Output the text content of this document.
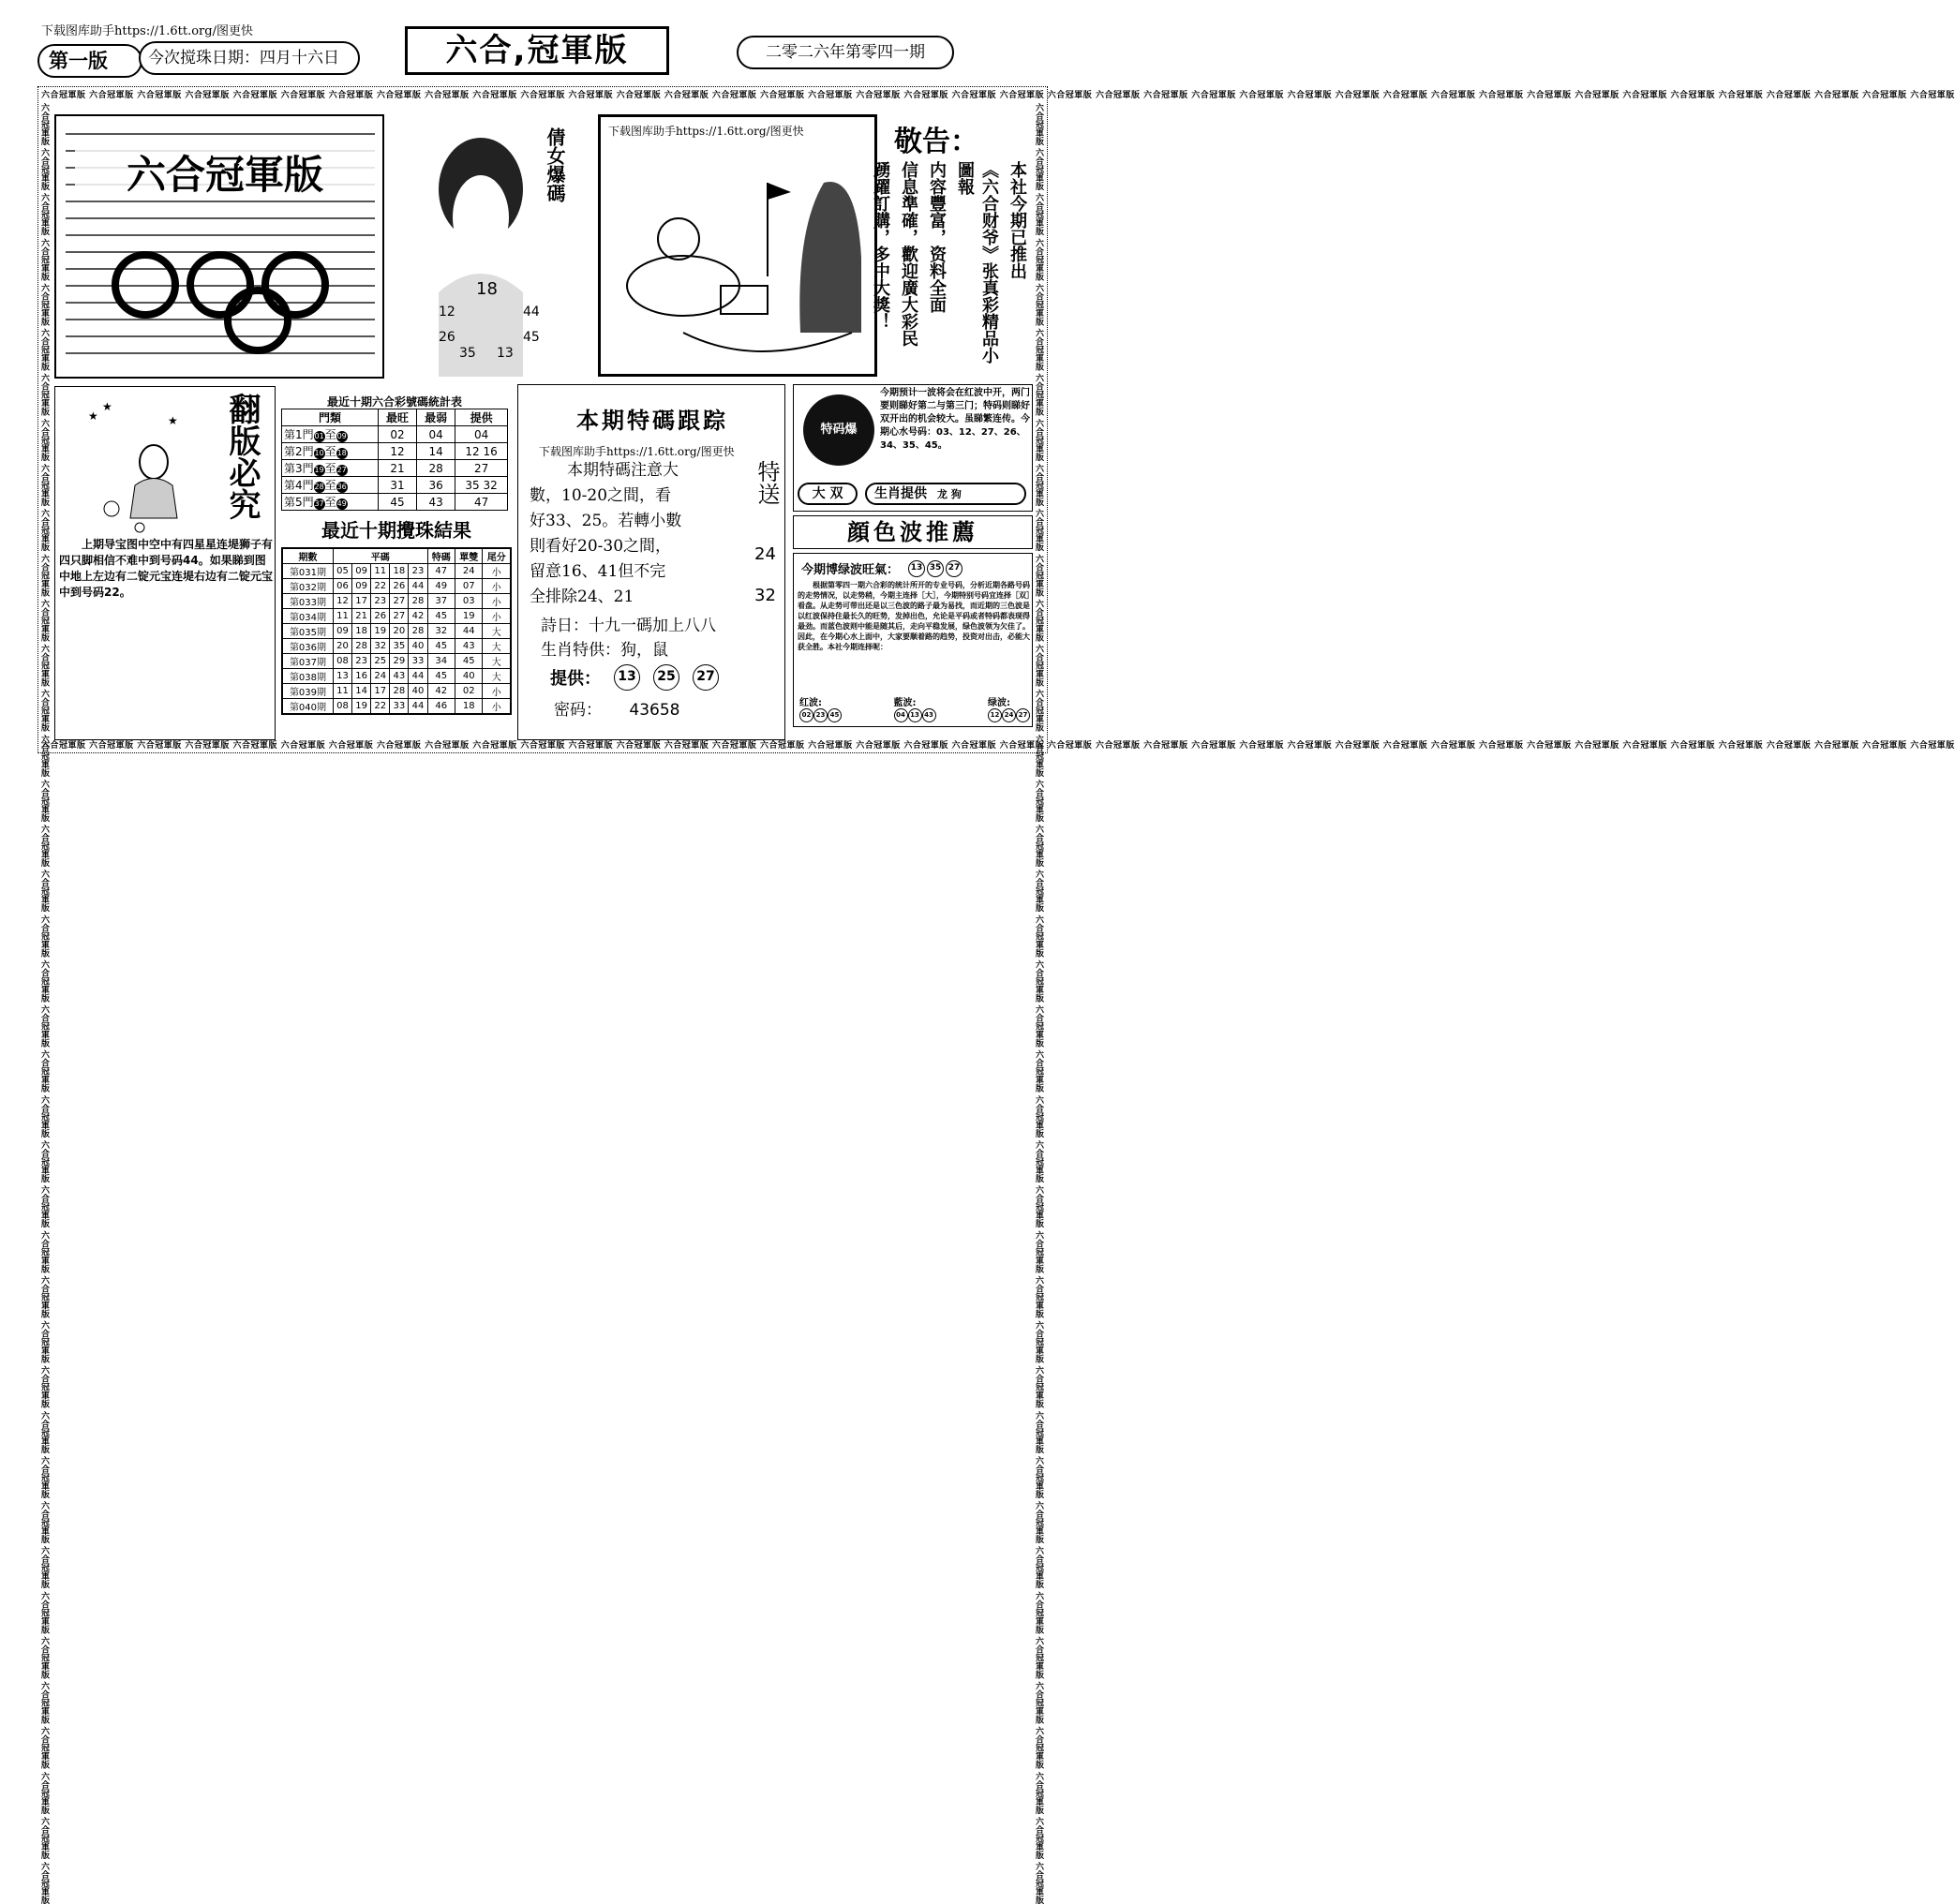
下载图库助手https://1.6tt.org/图更快
第一版	今次搅珠日期：四月十六日	六合,冠軍版	二零二六年第零四一期
六合冠軍版 六合冠軍版 六合冠軍版 六合冠軍版 六合冠軍版 六合冠軍版 六合冠軍版 六合冠軍版 六合冠軍版 六合冠軍版 六合冠軍版 六合冠軍版 六合冠軍版 六合冠軍版 六合冠軍版 六合冠軍版 六合冠軍版 六合冠軍版 六合冠軍版 六合冠軍版 六合冠軍版 六合冠軍版 六合冠軍版 六合冠軍版 六合冠軍版 六合冠軍版 六合冠軍版 六合冠軍版 六合冠軍版 六合冠軍版 六合冠軍版 六合冠軍版 六合冠軍版 六合冠軍版 六合冠軍版 六合冠軍版 六合冠軍版 六合冠軍版 六合冠軍版 六合冠軍版
六合冠軍版 六合冠軍版 六合冠軍版 六合冠軍版 六合冠軍版 六合冠軍版 六合冠軍版 六合冠軍版 六合冠軍版 六合冠軍版 六合冠軍版 六合冠軍版 六合冠軍版 六合冠軍版 六合冠軍版 六合冠軍版 六合冠軍版 六合冠軍版 六合冠軍版 六合冠軍版 六合冠軍版 六合冠軍版 六合冠軍版 六合冠軍版 六合冠軍版 六合冠軍版 六合冠軍版 六合冠軍版 六合冠軍版 六合冠軍版 六合冠軍版 六合冠軍版 六合冠軍版 六合冠軍版 六合冠軍版 六合冠軍版 六合冠軍版 六合冠軍版 六合冠軍版 六合冠軍版
六合冠軍版 六合冠軍版 六合冠軍版 六合冠軍版 六合冠軍版 六合冠軍版 六合冠軍版 六合冠軍版 六合冠軍版 六合冠軍版 六合冠軍版 六合冠軍版 六合冠軍版 六合冠軍版 六合冠軍版 六合冠軍版 六合冠軍版 六合冠軍版 六合冠軍版 六合冠軍版 六合冠軍版 六合冠軍版 六合冠軍版 六合冠軍版 六合冠軍版 六合冠軍版 六合冠軍版 六合冠軍版 六合冠軍版 六合冠軍版 六合冠軍版 六合冠軍版 六合冠軍版 六合冠軍版 六合冠軍版 六合冠軍版 六合冠軍版 六合冠軍版 六合冠軍版 六合冠軍版	六合冠軍版 六合冠軍版 六合冠軍版 六合冠軍版 六合冠軍版 六合冠軍版 六合冠軍版 六合冠軍版 六合冠軍版 六合冠軍版 六合冠軍版 六合冠軍版 六合冠軍版 六合冠軍版 六合冠軍版 六合冠軍版 六合冠軍版 六合冠軍版 六合冠軍版 六合冠軍版 六合冠軍版 六合冠軍版 六合冠軍版 六合冠軍版 六合冠軍版 六合冠軍版 六合冠軍版 六合冠軍版 六合冠軍版 六合冠軍版 六合冠軍版 六合冠軍版 六合冠軍版 六合冠軍版 六合冠軍版 六合冠軍版 六合冠軍版 六合冠軍版 六合冠軍版 六合冠軍版
六合冠軍版	倩女爆碼
18
12	44
26	45
35 13
下载图库助手https://1.6tt.org/图更快	敬告：
本社今期已推出
《六合财爷》张真彩精品小圖報
内容豐富，资料全面
信息準確，歡迎廣大彩民
踴躍訂購，多中大獎！
★
★
★ 翻版必究
上期导宝图中空中有四星星连堤狮子有四只脚相信不难中到号码44。如果睇到图中地上左边有二锭元宝连堤右边有二锭元宝中到号码22。
最近十期六合彩號碼統計表
門類	最旺	最弱	提供
第1門01至09	02	04	04
第2門10至18	12	14	12 16
第3門19至27	21	28	27
第4門28至36	31	36	35 32
第5門37至49	45	43	47
最近十期攪珠結果
期數	平碼					特碼	單雙	尾分
第031期	05	09	11	18	23	47	24	小
第032期	06	09	22	26	44	49	07	小
第033期	12	17	23	27	28	37	03	小
第034期	11	21	26	27	42	45	19	小
第035期	09	18	19	20	28	32	44	大
第036期	20	28	32	35	40	45	43	大
第037期	08	23	25	29	33	34	45	大
第038期	13	16	24	43	44	45	40	大
第039期	11	14	17	28	40	42	02	小
第040期	08	19	22	33	44	46	18	小
本期特碼跟踪
下载图库助手https://1.6tt.org/图更快
本期特碼注意大
數，10-20之間，看
好33、25。若轉小數
則看好20-30之間，
留意16、41但不完
全排除24、21
特送
24
32
詩日：十九一碼加上八八
生肖特供：狗，鼠
提供：	13	25	27
密码： 43658
特码爆
今期预计一波将会在红波中开，两门要则睇好第二与第三门；特码则睇好双开出的机会较大。虽睇繁连传。今期心水号码：03、12、27、26、34、35、45。
大 双	生肖提供 龙 狗
顔色波推薦
今期博绿波旺氣：	13 35 27
根据第零四一期六合彩的统计所开的专业号码，分析近期各路号码的走势情况，以走势稍，今期主连择［大］，今期特别号码宜连择［双］看盘。从走势可带出还是以三色波的路子最为易找，而近期的三色波是以红波保持住最长久的旺势，发掉出色，允论是平码或者特码都表现得最劲。而蓝色波则中能是随其后，走向平稳发展，绿色波领为欠佳了。因此，在今期心水上面中，大家要顺着路的趋势，投资对出击，必能大获全胜。本社今期连择呢：
红波:
02 23 45
藍波:
04 13 43
绿波:
12 24 27
